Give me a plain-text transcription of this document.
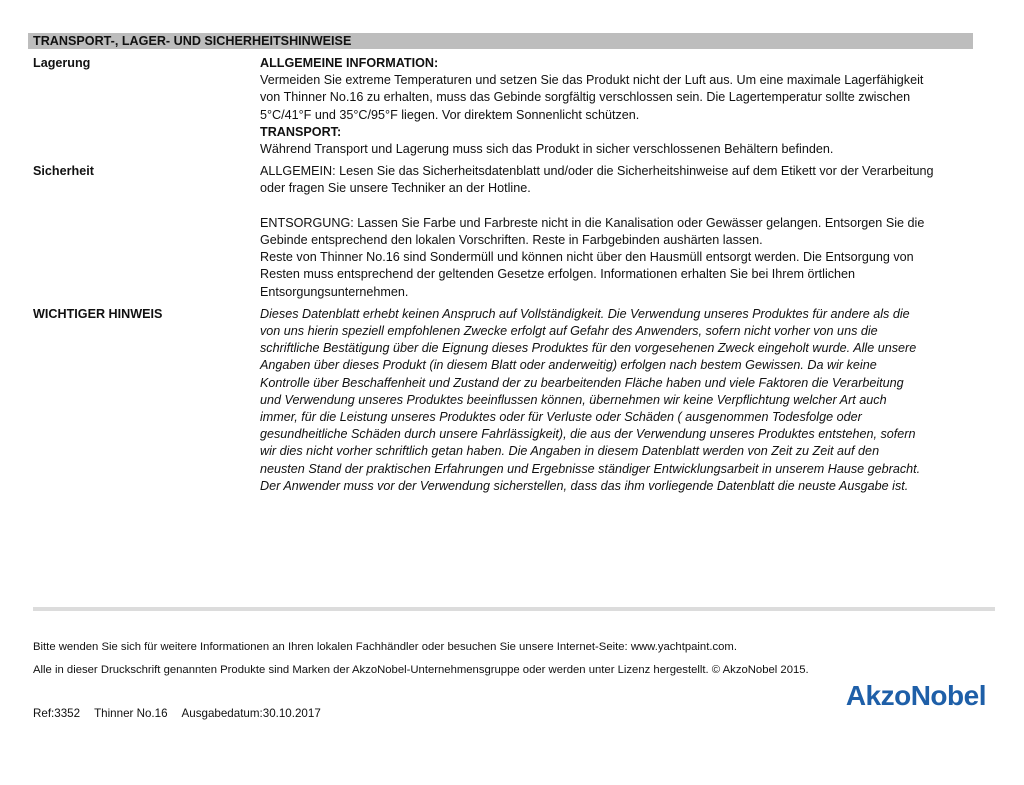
TRANSPORT-, LAGER- UND SICHERHEITSHINWEISE
Lagerung	ALLGEMEINE INFORMATION:
Vermeiden Sie extreme Temperaturen und setzen Sie das Produkt nicht der Luft aus. Um eine maximale Lagerfähigkeit
von Thinner No.16 zu erhalten, muss das Gebinde sorgfältig verschlossen sein. Die Lagertemperatur sollte zwischen
5°C/41°F und 35°C/95°F liegen. Vor direktem Sonnenlicht schützen.
TRANSPORT:
Während Transport und Lagerung muss sich das Produkt in sicher verschlossenen Behältern befinden.
Sicherheit	ALLGEMEIN: Lesen Sie das Sicherheitsdatenblatt und/oder die Sicherheitshinweise auf dem Etikett vor der Verarbeitung
oder fragen Sie unsere Techniker an der Hotline.

ENTSORGUNG: Lassen Sie Farbe und Farbreste nicht in die Kanalisation oder Gewässer gelangen. Entsorgen Sie die
Gebinde entsprechend den lokalen Vorschriften. Reste in Farbgebinden aushärten lassen.
Reste von Thinner No.16 sind Sondermüll und können nicht über den Hausmüll entsorgt werden. Die Entsorgung von
Resten muss entsprechend der geltenden Gesetze erfolgen. Informationen erhalten Sie bei Ihrem örtlichen
Entsorgungsunternehmen.
WICHTIGER HINWEIS	Dieses Datenblatt erhebt keinen Anspruch auf Vollständigkeit. Die Verwendung unseres Produktes für andere als die
von uns hierin speziell empfohlenen Zwecke erfolgt auf Gefahr des Anwenders, sofern nicht vorher von uns die
schriftliche Bestätigung über die Eignung dieses Produktes für den vorgesehenen Zweck eingeholt wurde. Alle unsere
Angaben über dieses Produkt (in diesem Blatt oder anderweitig) erfolgen nach bestem Gewissen. Da wir keine
Kontrolle über Beschaffenheit und Zustand der zu bearbeitenden Fläche haben und viele Faktoren die Verarbeitung
und Verwendung unseres Produktes beeinflussen können, übernehmen wir keine Verpflichtung welcher Art auch
immer, für die Leistung unseres Produktes oder für Verluste oder Schäden ( ausgenommen Todesfolge oder
gesundheitliche Schäden durch unsere Fahrlässigkeit), die aus der Verwendung unseres Produktes entstehen, sofern
wir dies nicht vorher schriftlich getan haben. Die Angaben in diesem Datenblatt werden von Zeit zu Zeit auf den
neusten Stand der praktischen Erfahrungen und Ergebnisse ständiger Entwicklungsarbeit in unserem Hause gebracht.
Der Anwender muss vor der Verwendung sicherstellen, dass das ihm vorliegende Datenblatt die neuste Ausgabe ist.
Bitte wenden Sie sich für weitere Informationen an Ihren lokalen Fachhändler oder besuchen Sie unsere Internet-Seite: www.yachtpaint.com.
Alle in dieser Druckschrift genannten Produkte sind Marken der AkzoNobel-Unternehmensgruppe oder werden unter Lizenz hergestellt. © AkzoNobel 2015.
Ref:3352 Thinner No.16 Ausgabedatum:30.10.2017
AkzoNobel
